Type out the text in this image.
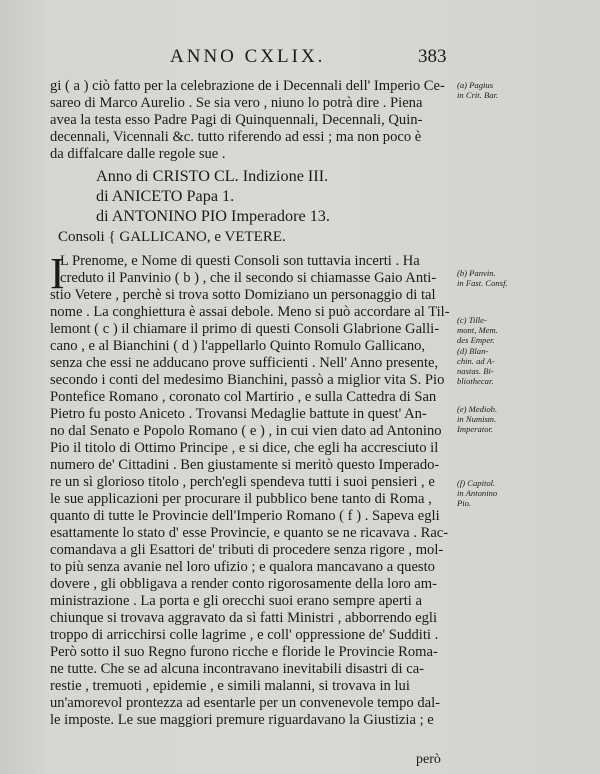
ANNO CXLIX.	383
gi ( a ) ciò fatto per la celebrazione de i Decennali dell' Imperio Ce-
sareo di Marco Aurelio . Se sia vero , niuno lo potrà dire . Piena
avea la testa esso Padre Pagi di Quinquennali, Decennali, Quin-
decennali, Vicennali &c. tutto riferendo ad essi ; ma non poco è
da diffalcare dalle regole sue .
Anno di CRISTO CL. Indizione III.
di ANICETO Papa 1.
di ANTONINO PIO Imperadore 13.
Consoli { GALLICANO, e VETERE.
I
L Prenome, e Nome di questi Consoli son tuttavia incerti . Ha
creduto il Panvinio ( b ) , che il secondo si chiamasse Gaio Anti-
stio Vetere , perchè si trova sotto Domiziano un personaggio di tal
nome . La conghiettura è assai debole. Meno si può accordare al Til-
lemont ( c ) il chiamare il primo di questi Consoli Glabrione Galli-
cano , e al Bianchini ( d ) l'appellarlo Quinto Romulo Gallicano,
senza che essi ne adducano prove sufficienti . Nell' Anno presente,
secondo i conti del medesimo Bianchini, passò a miglior vita S. Pio
Pontefice Romano , coronato col Martirio , e sulla Cattedra di San
Pietro fu posto Aniceto . Trovansi Medaglie battute in quest' An-
no dal Senato e Popolo Romano ( e ) , in cui vien dato ad Antonino
Pio il titolo di Ottimo Principe , e si dice, che egli ha accresciuto il
numero de' Cittadini . Ben giustamente si meritò questo Imperado-
re un sì glorioso titolo , perch'egli spendeva tutti i suoi pensieri , e
le sue applicazioni per procurare il pubblico bene tanto di Roma ,
quanto di tutte le Provincie dell'Imperio Romano ( f ) . Sapeva egli
esattamente lo stato d' esse Provincie, e quanto se ne ricavava . Rac-
comandava a gli Esattori de' tributi di procedere senza rigore , mol-
to più senza avanie nel loro ufizio ; e qualora mancavano a questo
dovere , gli obbligava a render conto rigorosamente della loro am-
ministrazione . La porta e gli orecchi suoi erano sempre aperti a
chiunque si trovava aggravato da sì fatti Ministri , abborrendo egli
troppo di arricchirsi colle lagrime , e coll' oppressione de' Sudditi .
Però sotto il suo Regno furono ricche e floride le Provincie Roma-
ne tutte. Che se ad alcuna incontravano inevitabili disastri di ca-
restie , tremuoti , epidemie , e simili malanni, si trovava in lui
un'amorevol prontezza ad esentarle per un convenevole tempo dal-
le imposte. Le sue maggiori premure riguardavano la Giustizia ; e
però
(a) Pagius
in Crit. Bar.
(b) Panvin.
in Fast. Consf.
(c) Tille-
mont, Mem.
des Emper.
(d) Blan-
chin. ad A-
nastas. Bi-
bliothecar.
(e) Mediob.
in Numism.
Imperator.
(f) Capitol.
in Antonino
Pio.
